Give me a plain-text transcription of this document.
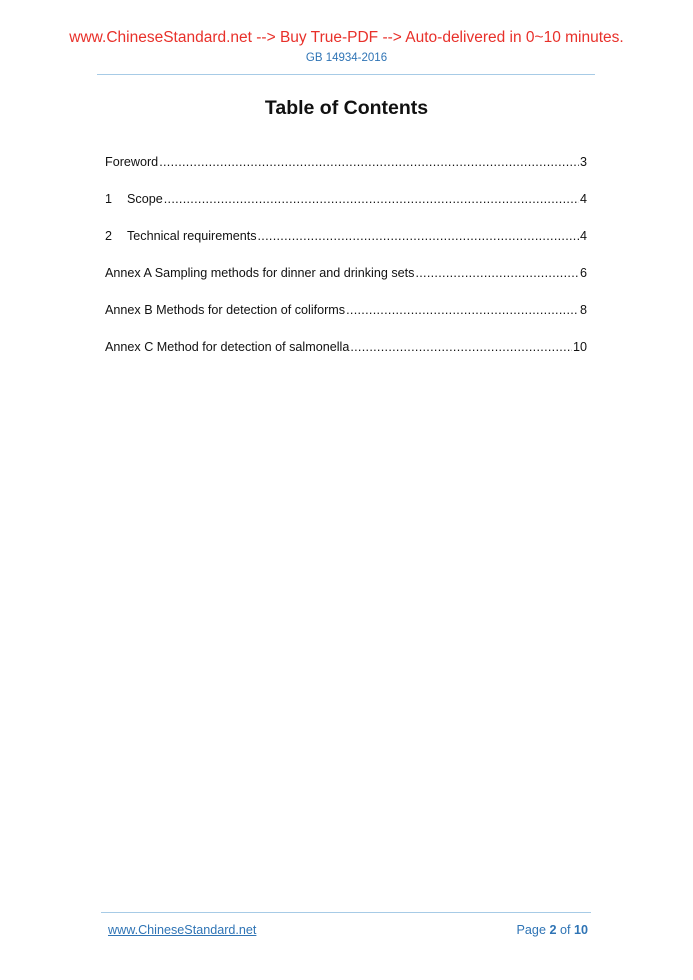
www.ChineseStandard.net --> Buy True-PDF --> Auto-delivered in 0~10 minutes.
GB 14934-2016
Table of Contents
Foreword .....	3
1 Scope .....	4
2 Technical requirements .....	4
Annex A Sampling methods for dinner and drinking sets .....	6
Annex B Methods for detection of coliforms .....	8
Annex C Method for detection of salmonella .....	10
www.ChineseStandard.net	Page 2 of 10
